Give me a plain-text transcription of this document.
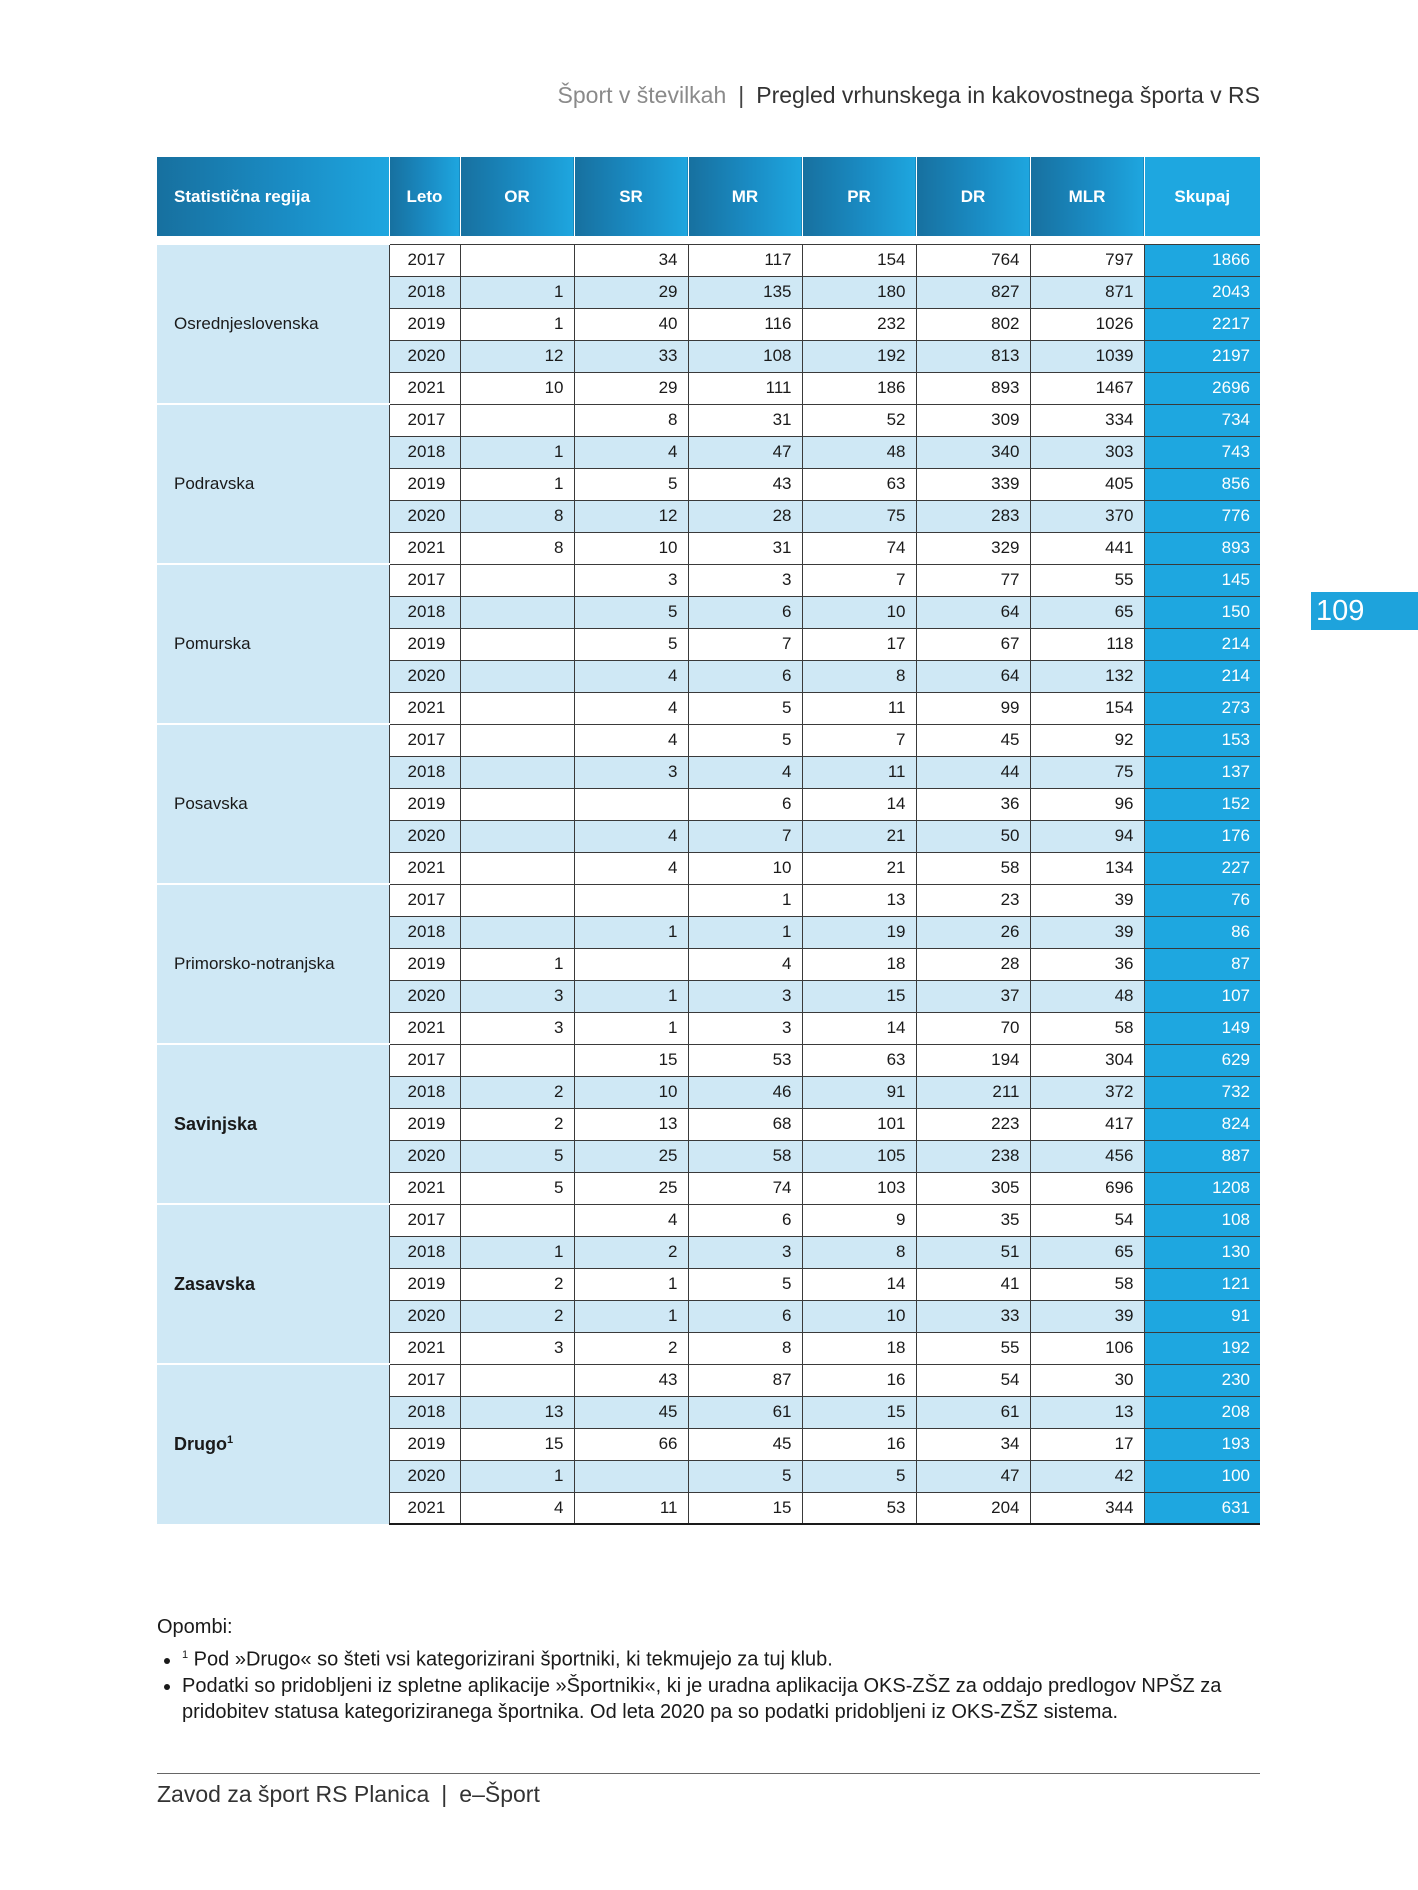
Šport v številkah | Pregled vrhunskega in kakovostnega športa v RS
109
Statistična regija	Leto	OR	SR	MR	PR	DR	MLR	Skupaj

Osrednjeslovenska	2017		34	117	154	764	797	1866
	2018	1	29	135	180	827	871	2043
	2019	1	40	116	232	802	1026	2217
	2020	12	33	108	192	813	1039	2197
	2021	10	29	111	186	893	1467	2696
Podravska	2017		8	31	52	309	334	734
	2018	1	4	47	48	340	303	743
	2019	1	5	43	63	339	405	856
	2020	8	12	28	75	283	370	776
	2021	8	10	31	74	329	441	893
Pomurska	2017		3	3	7	77	55	145
	2018		5	6	10	64	65	150
	2019		5	7	17	67	118	214
	2020		4	6	8	64	132	214
	2021		4	5	11	99	154	273
Posavska	2017		4	5	7	45	92	153
	2018		3	4	11	44	75	137
	2019			6	14	36	96	152
	2020		4	7	21	50	94	176
	2021		4	10	21	58	134	227
Primorsko-notranjska	2017			1	13	23	39	76
	2018		1	1	19	26	39	86
	2019	1		4	18	28	36	87
	2020	3	1	3	15	37	48	107
	2021	3	1	3	14	70	58	149
Savinjska	2017		15	53	63	194	304	629
	2018	2	10	46	91	211	372	732
	2019	2	13	68	101	223	417	824
	2020	5	25	58	105	238	456	887
	2021	5	25	74	103	305	696	1208
Zasavska	2017		4	6	9	35	54	108
	2018	1	2	3	8	51	65	130
	2019	2	1	5	14	41	58	121
	2020	2	1	6	10	33	39	91
	2021	3	2	8	18	55	106	192
Drugo$^1$	2017		43	87	16	54	30	230
	2018	13	45	61	15	61	13	208
	2019	15	66	45	16	34	17	193
	2020	1		5	5	47	42	100
	2021	4	11	15	53	204	344	631
Opombi:
• $^1$ Pod »Drugo« so šteti vsi kategorizirani športniki, ki tekmujejo za tuj klub.
• Podatki so pridobljeni iz spletne aplikacije »Športniki«, ki je uradna aplikacija OKS-ZŠZ za oddajo predlogov NPŠZ za pridobitev statusa kategoriziranega športnika. Od leta 2020 pa so podatki pridobljeni iz OKS-ZŠZ sistema.
Zavod za šport RS Planica | e–Šport
